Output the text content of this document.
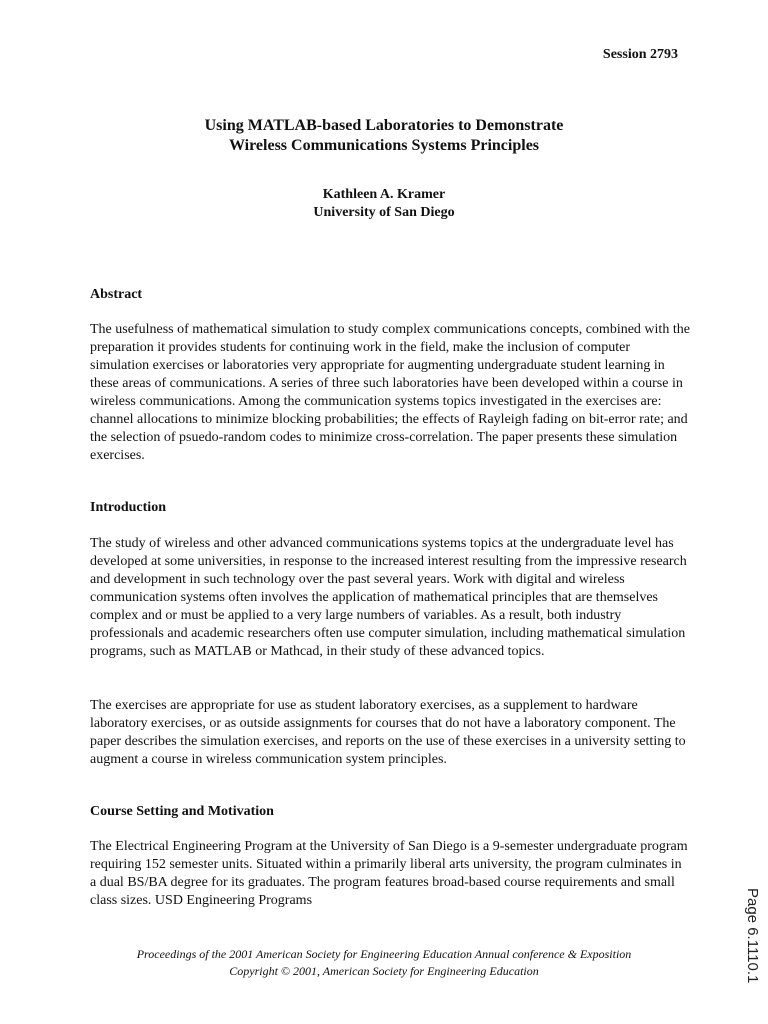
Session 2793
Using MATLAB-based Laboratories to Demonstrate
Wireless Communications Systems Principles
Kathleen A. Kramer
University of San Diego
Abstract

The usefulness of mathematical simulation to study complex communications concepts, combined with the preparation it provides students for continuing work in the field, make the inclusion of computer simulation exercises or laboratories very appropriate for augmenting undergraduate student learning in these areas of communications. A series of three such laboratories have been developed within a course in wireless communications. Among the communication systems topics investigated in the exercises are: channel allocations to minimize blocking probabilities; the effects of Rayleigh fading on bit-error rate; and the selection of psuedo-random codes to minimize cross-correlation. The paper presents these simulation exercises.

Introduction

The study of wireless and other advanced communications systems topics at the undergraduate level has developed at some universities, in response to the increased interest resulting from the impressive research and development in such technology over the past several years. Work with digital and wireless communication systems often involves the application of mathematical principles that are themselves complex and or must be applied to a very large numbers of variables. As a result, both industry professionals and academic researchers often use computer simulation, including mathematical simulation programs, such as MATLAB or Mathcad, in their study of these advanced topics.

The exercises are appropriate for use as student laboratory exercises, as a supplement to hardware laboratory exercises, or as outside assignments for courses that do not have a laboratory component. The paper describes the simulation exercises, and reports on the use of these exercises in a university setting to augment a course in wireless communication system principles.

Course Setting and Motivation

The Electrical Engineering Program at the University of San Diego is a 9-semester undergraduate program requiring 152 semester units. Situated within a primarily liberal arts university, the program culminates in a dual BS/BA degree for its graduates. The program features broad-based course requirements and small class sizes. USD Engineering Programs

Proceedings of the 2001 American Society for Engineering Education Annual conference & Exposition
Copyright © 2001, American Society for Engineering Education	Page 6.1110.1
